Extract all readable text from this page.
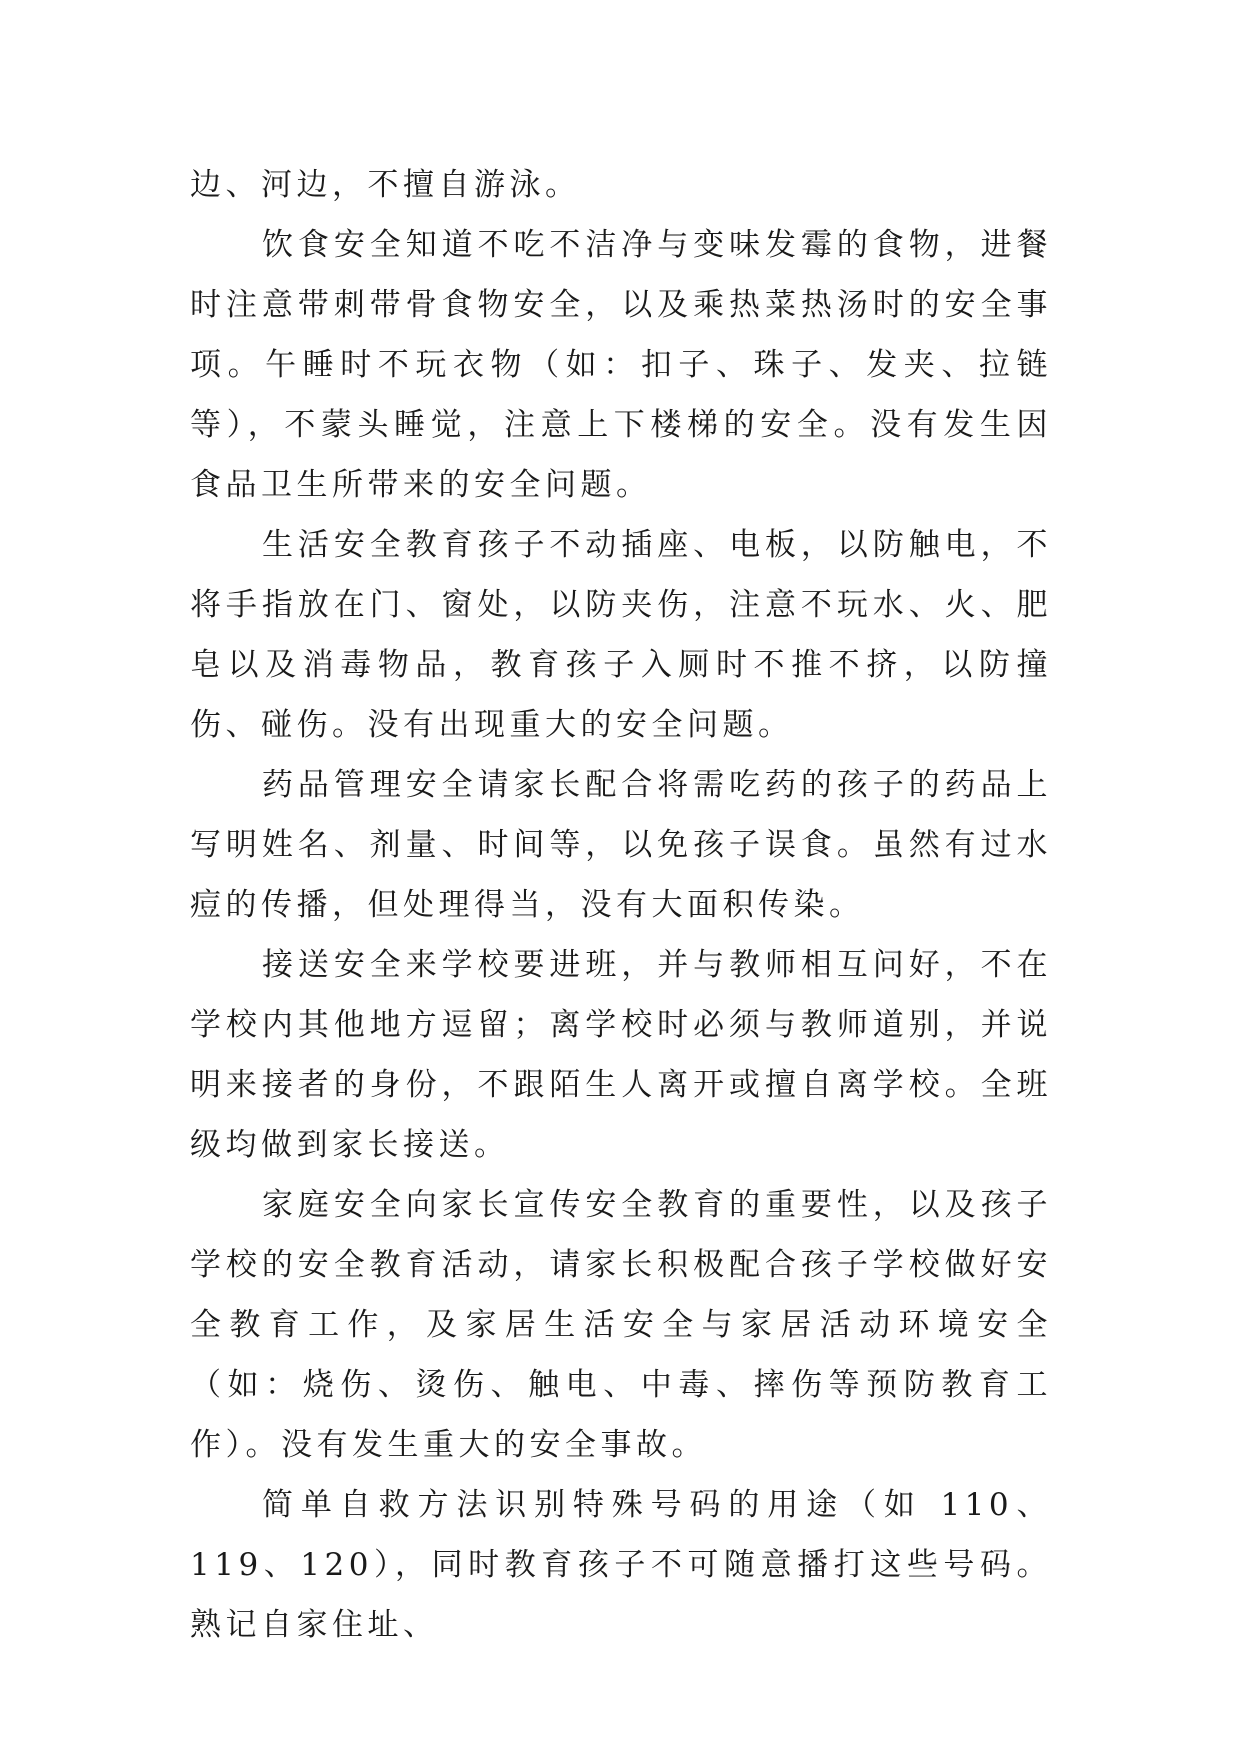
边、河边，不擅自游泳。

饮食安全知道不吃不洁净与变味发霉的食物，进餐时注意带刺带骨食物安全，以及乘热菜热汤时的安全事项。午睡时不玩衣物（如：扣子、珠子、发夹、拉链等），不蒙头睡觉，注意上下楼梯的安全。没有发生因食品卫生所带来的安全问题。

生活安全教育孩子不动插座、电板，以防触电，不将手指放在门、窗处，以防夹伤，注意不玩水、火、肥皂以及消毒物品，教育孩子入厕时不推不挤，以防撞伤、碰伤。没有出现重大的安全问题。

药品管理安全请家长配合将需吃药的孩子的药品上写明姓名、剂量、时间等，以免孩子误食。虽然有过水痘的传播，但处理得当，没有大面积传染。

接送安全来学校要进班，并与教师相互问好，不在学校内其他地方逗留；离学校时必须与教师道别，并说明来接者的身份，不跟陌生人离开或擅自离学校。全班级均做到家长接送。

家庭安全向家长宣传安全教育的重要性，以及孩子学校的安全教育活动，请家长积极配合孩子学校做好安全教育工作，及家居生活安全与家居活动环境安全（如：烧伤、烫伤、触电、中毒、摔伤等预防教育工作）。没有发生重大的安全事故。

简单自救方法识别特殊号码的用途（如 110、119、120），同时教育孩子不可随意播打这些号码。熟记自家住址、
